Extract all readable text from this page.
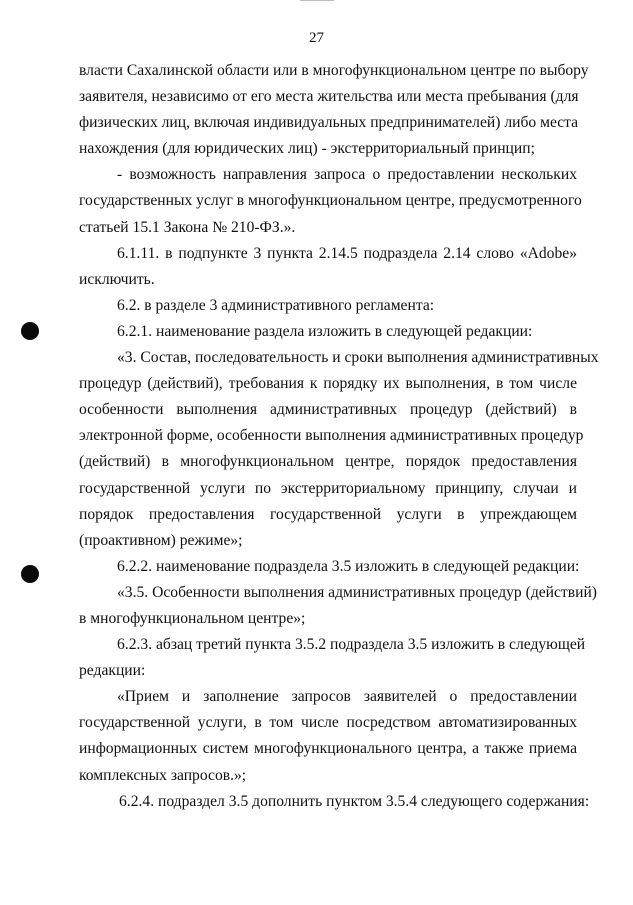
27
власти Сахалинской области или в многофункциональном центре по выбору
заявителя, независимо от его места жительства или места пребывания (для
физических лиц, включая индивидуальных предпринимателей) либо места
нахождения (для юридических лиц) - экстерриториальный принцип;
- возможность направления запроса о предоставлении нескольких
государственных услуг в многофункциональном центре, предусмотренного
статьей 15.1 Закона № 210-ФЗ.».
6.1.11. в подпункте 3 пункта 2.14.5 подраздела 2.14 слово «Adobe»
исключить.
6.2. в разделе 3 административного регламента:
6.2.1. наименование раздела изложить в следующей редакции:
«3. Состав, последовательность и сроки выполнения административных
процедур (действий), требования к порядку их выполнения, в том числе
особенности выполнения административных процедур (действий) в
электронной форме, особенности выполнения административных процедур
(действий) в многофункциональном центре, порядок предоставления
государственной услуги по экстерриториальному принципу, случаи и
порядок предоставления государственной услуги в упреждающем
(проактивном) режиме»;
6.2.2. наименование подраздела 3.5 изложить в следующей редакции:
«3.5. Особенности выполнения административных процедур (действий)
в многофункциональном центре»;
6.2.3. абзац третий пункта 3.5.2 подраздела 3.5 изложить в следующей
редакции:
«Прием и заполнение запросов заявителей о предоставлении
государственной услуги, в том числе посредством автоматизированных
информационных систем многофункционального центра, а также приема
комплексных запросов.»;
6.2.4. подраздел 3.5 дополнить пунктом 3.5.4 следующего содержания:
